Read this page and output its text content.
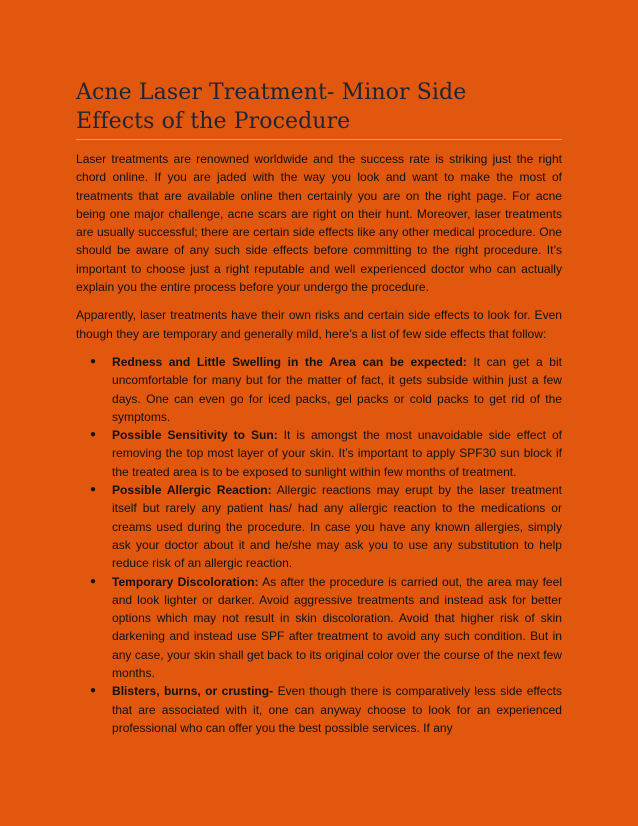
Acne Laser Treatment- Minor Side
Effects of the Procedure

Laser treatments are renowned worldwide and the success rate is striking just the right chord online. If you are jaded with the way you look and want to make the most of treatments that are available online then certainly you are on the right page. For acne being one major challenge, acne scars are right on their hunt. Moreover, laser treatments are usually successful; there are certain side effects like any other medical procedure. One should be aware of any such side effects before committing to the right procedure. It’s important to choose just a right reputable and well experienced doctor who can actually explain you the entire process before your undergo the procedure.

Apparently, laser treatments have their own risks and certain side effects to look for. Even though they are temporary and generally mild, here’s a list of few side effects that follow:

● Redness and Little Swelling in the Area can be expected: It can get a bit uncomfortable for many but for the matter of fact, it gets subside within just a few days. One can even go for iced packs, gel packs or cold packs to get rid of the symptoms.
● Possible Sensitivity to Sun: It is amongst the most unavoidable side effect of removing the top most layer of your skin. It’s important to apply SPF30 sun block if the treated area is to be exposed to sunlight within few months of treatment.
● Possible Allergic Reaction: Allergic reactions may erupt by the laser treatment itself but rarely any patient has/ had any allergic reaction to the medications or creams used during the procedure. In case you have any known allergies, simply ask your doctor about it and he/she may ask you to use any substitution to help reduce risk of an allergic reaction.
● Temporary Discoloration: As after the procedure is carried out, the area may feel and look lighter or darker. Avoid aggressive treatments and instead ask for better options which may not result in skin discoloration. Avoid that higher risk of skin darkening and instead use SPF after treatment to avoid any such condition. But in any case, your skin shall get back to its original color over the course of the next few months.
● Blisters, burns, or crusting- Even though there is comparatively less side effects that are associated with it, one can anyway choose to look for an experienced professional who can offer you the best possible services. If any
